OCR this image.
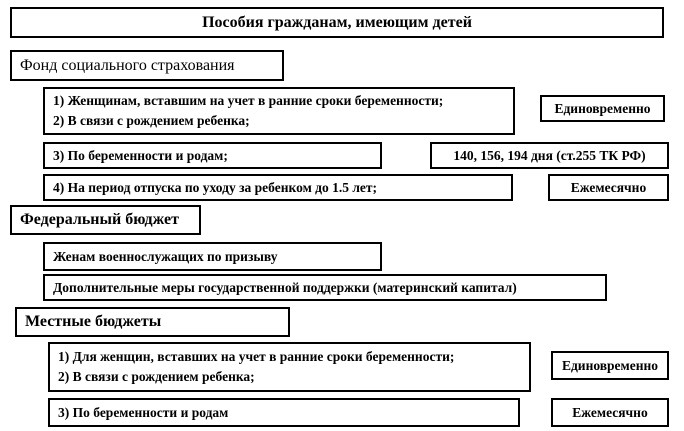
Пособия гражданам, имеющим детей
Фонд социального страхования
1) Женщинам, вставшим на учет в ранние сроки беременности;
2) В связи с рождением ребенка;
Единовременно
3) По беременности и родам;	140, 156, 194 дня (ст.255 ТК РФ)
4) На период отпуска по уходу за ребенком до 1.5 лет;	Ежемесячно
Федеральный бюджет
Женам военнослужащих по призыву
Дополнительные меры государственной поддержки (материнский капитал)
Местные бюджеты
1) Для женщин, вставших на учет в ранние сроки беременности;
2) В связи с рождением ребенка;
Единовременно
3) По беременности и родам	Ежемесячно
